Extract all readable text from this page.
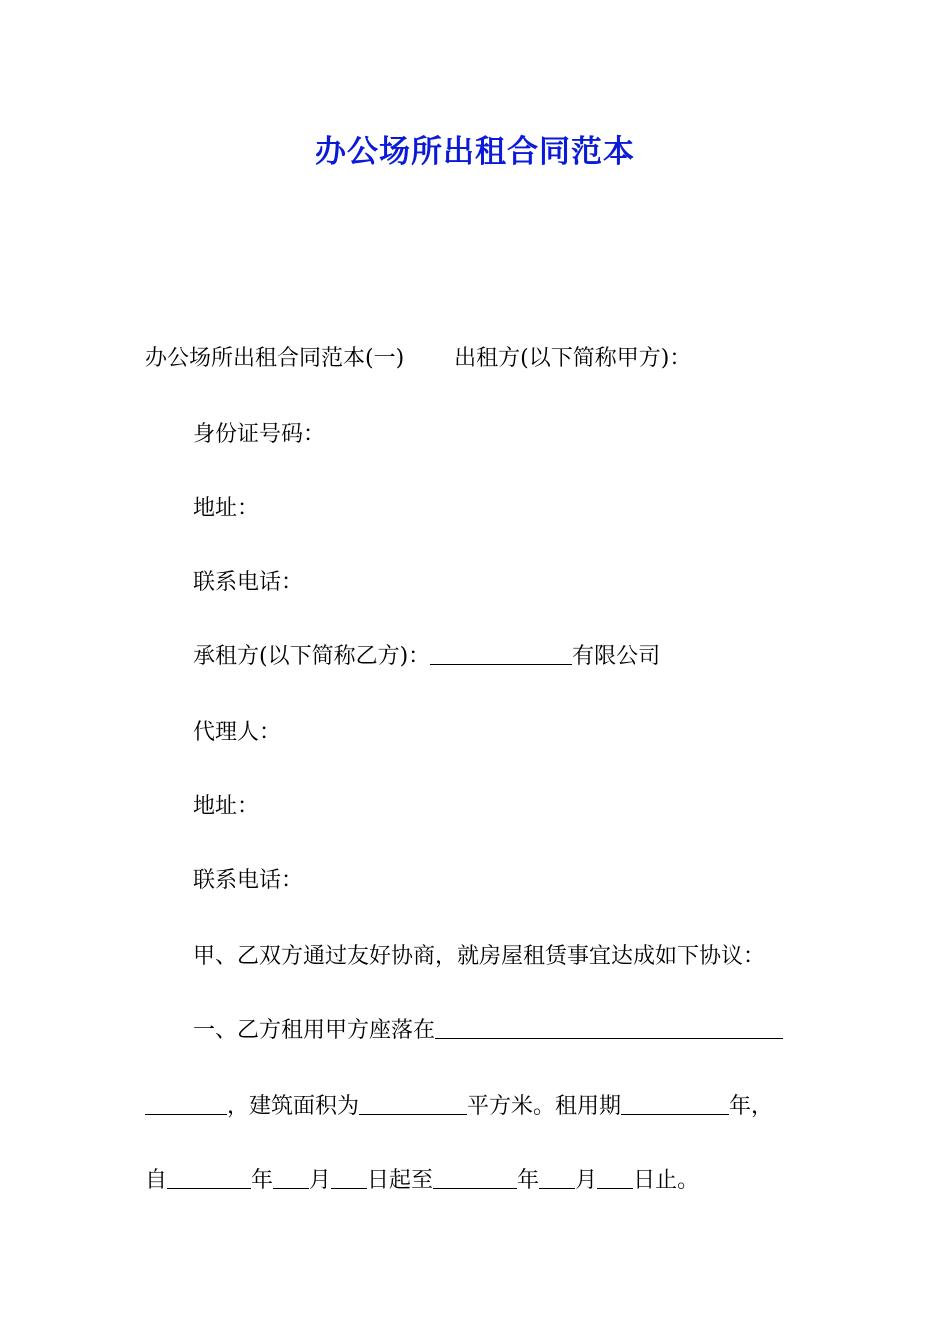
办公场所出租合同范本

办公场所出租合同范本(一) 出租方(以下简称甲方)：

身份证号码：

地址：

联系电话：

承租方(以下简称乙方)：	有限公司

代理人：

地址：

联系电话：

甲、乙双方通过友好协商，就房屋租赁事宜达成如下协议：

一、乙方租用甲方座落在

，建筑面积为	平方米。租用期	年，

自	年 月 日起至	年 月 日止。
